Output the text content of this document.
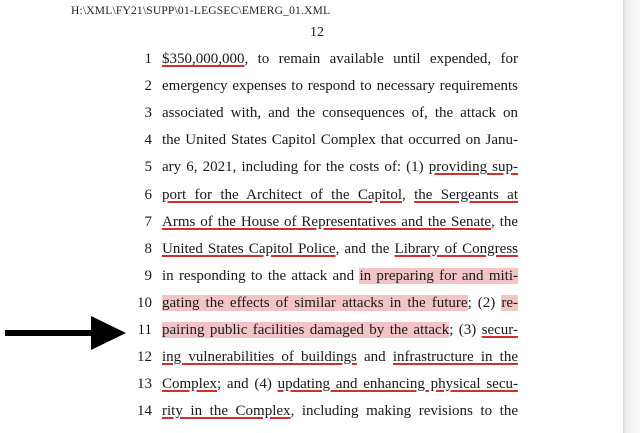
H:\XML\FY21\SUPP\01-LEGSEC\EMERG_01.XML
12
1 $350,000,000, to remain available until expended, for
2 emergency expenses to respond to necessary requirements
3 associated with, and the consequences of, the attack on
4 the United States Capitol Complex that occurred on Janu-
5 ary 6, 2021, including for the costs of: (1) providing sup-
6 port for the Architect of the Capitol, the Sergeants at
7 Arms of the House of Representatives and the Senate, the
8 United States Capitol Police, and the Library of Congress
9 in responding to the attack and in preparing for and miti-
10 gating the effects of similar attacks in the future; (2) re-
11 pairing public facilities damaged by the attack; (3) secur-
12 ing vulnerabilities of buildings and infrastructure in the
13 Complex; and (4) updating and enhancing physical secu-
14 rity in the Complex, including making revisions to the
